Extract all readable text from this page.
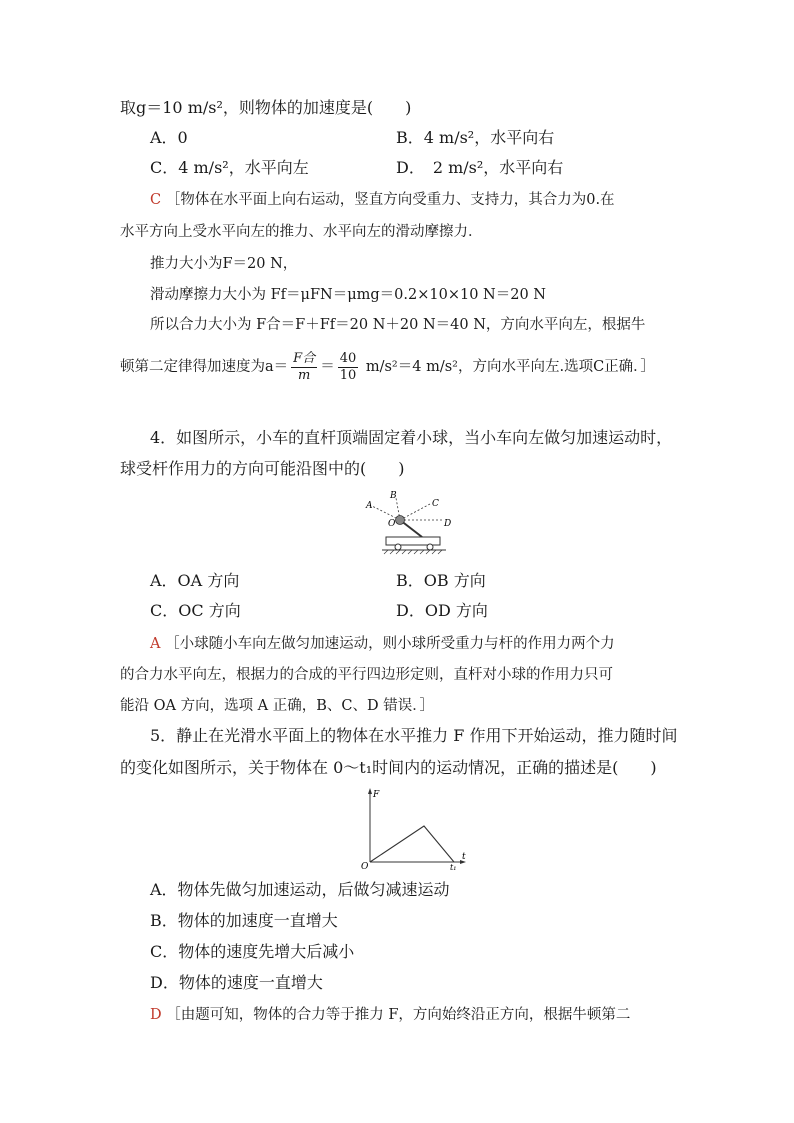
取g＝10 m/s²，则物体的加速度是(　　)
A．0	B．4 m/s²，水平向右
C．4 m/s²，水平向左	D．　2 m/s²，水平向右
C ［物体在水平面上向右运动，竖直方向受重力、支持力，其合力为0.在
水平方向上受水平向左的推力、水平向左的滑动摩擦力．
推力大小为F＝20 N，
滑动摩擦力大小为 Ff＝μFN＝μmg＝0.2×10×10 N＝20 N
所以合力大小为 F合＝F＋Ff＝20 N＋20 N＝40 N，方向水平向左，根据牛
顿第二定律得加速度为$a= \frac{\text{F合}}{m} = \frac{40}{10} m/s^2=4$ m/s²，方向水平向左.选项C正确．］
4．如图所示，小车的直杆顶端固定着小球，当小车向左做匀加速运动时，
球受杆作用力的方向可能沿图中的(　　)
A
B
C
D
O
A．OA 方向	B．OB 方向
C．OC 方向	D．OD 方向
A ［小球随小车向左做匀加速运动，则小球所受重力与杆的作用力两个力
的合力水平向左，根据力的合成的平行四边形定则，直杆对小球的作用力只可
能沿 OA 方向，选项 A 正确，B、C、D 错误．］
5．静止在光滑水平面上的物体在水平推力 F 作用下开始运动，推力随时间
的变化如图所示，关于物体在 0～t₁时间内的运动情况，正确的描述是(　　)
F
t
O	t₁
A．物体先做匀加速运动，后做匀减速运动
B．物体的加速度一直增大
C．物体的速度先增大后减小
D．物体的速度一直增大
D ［由题可知，物体的合力等于推力 F，方向始终沿正方向，根据牛顿第二
